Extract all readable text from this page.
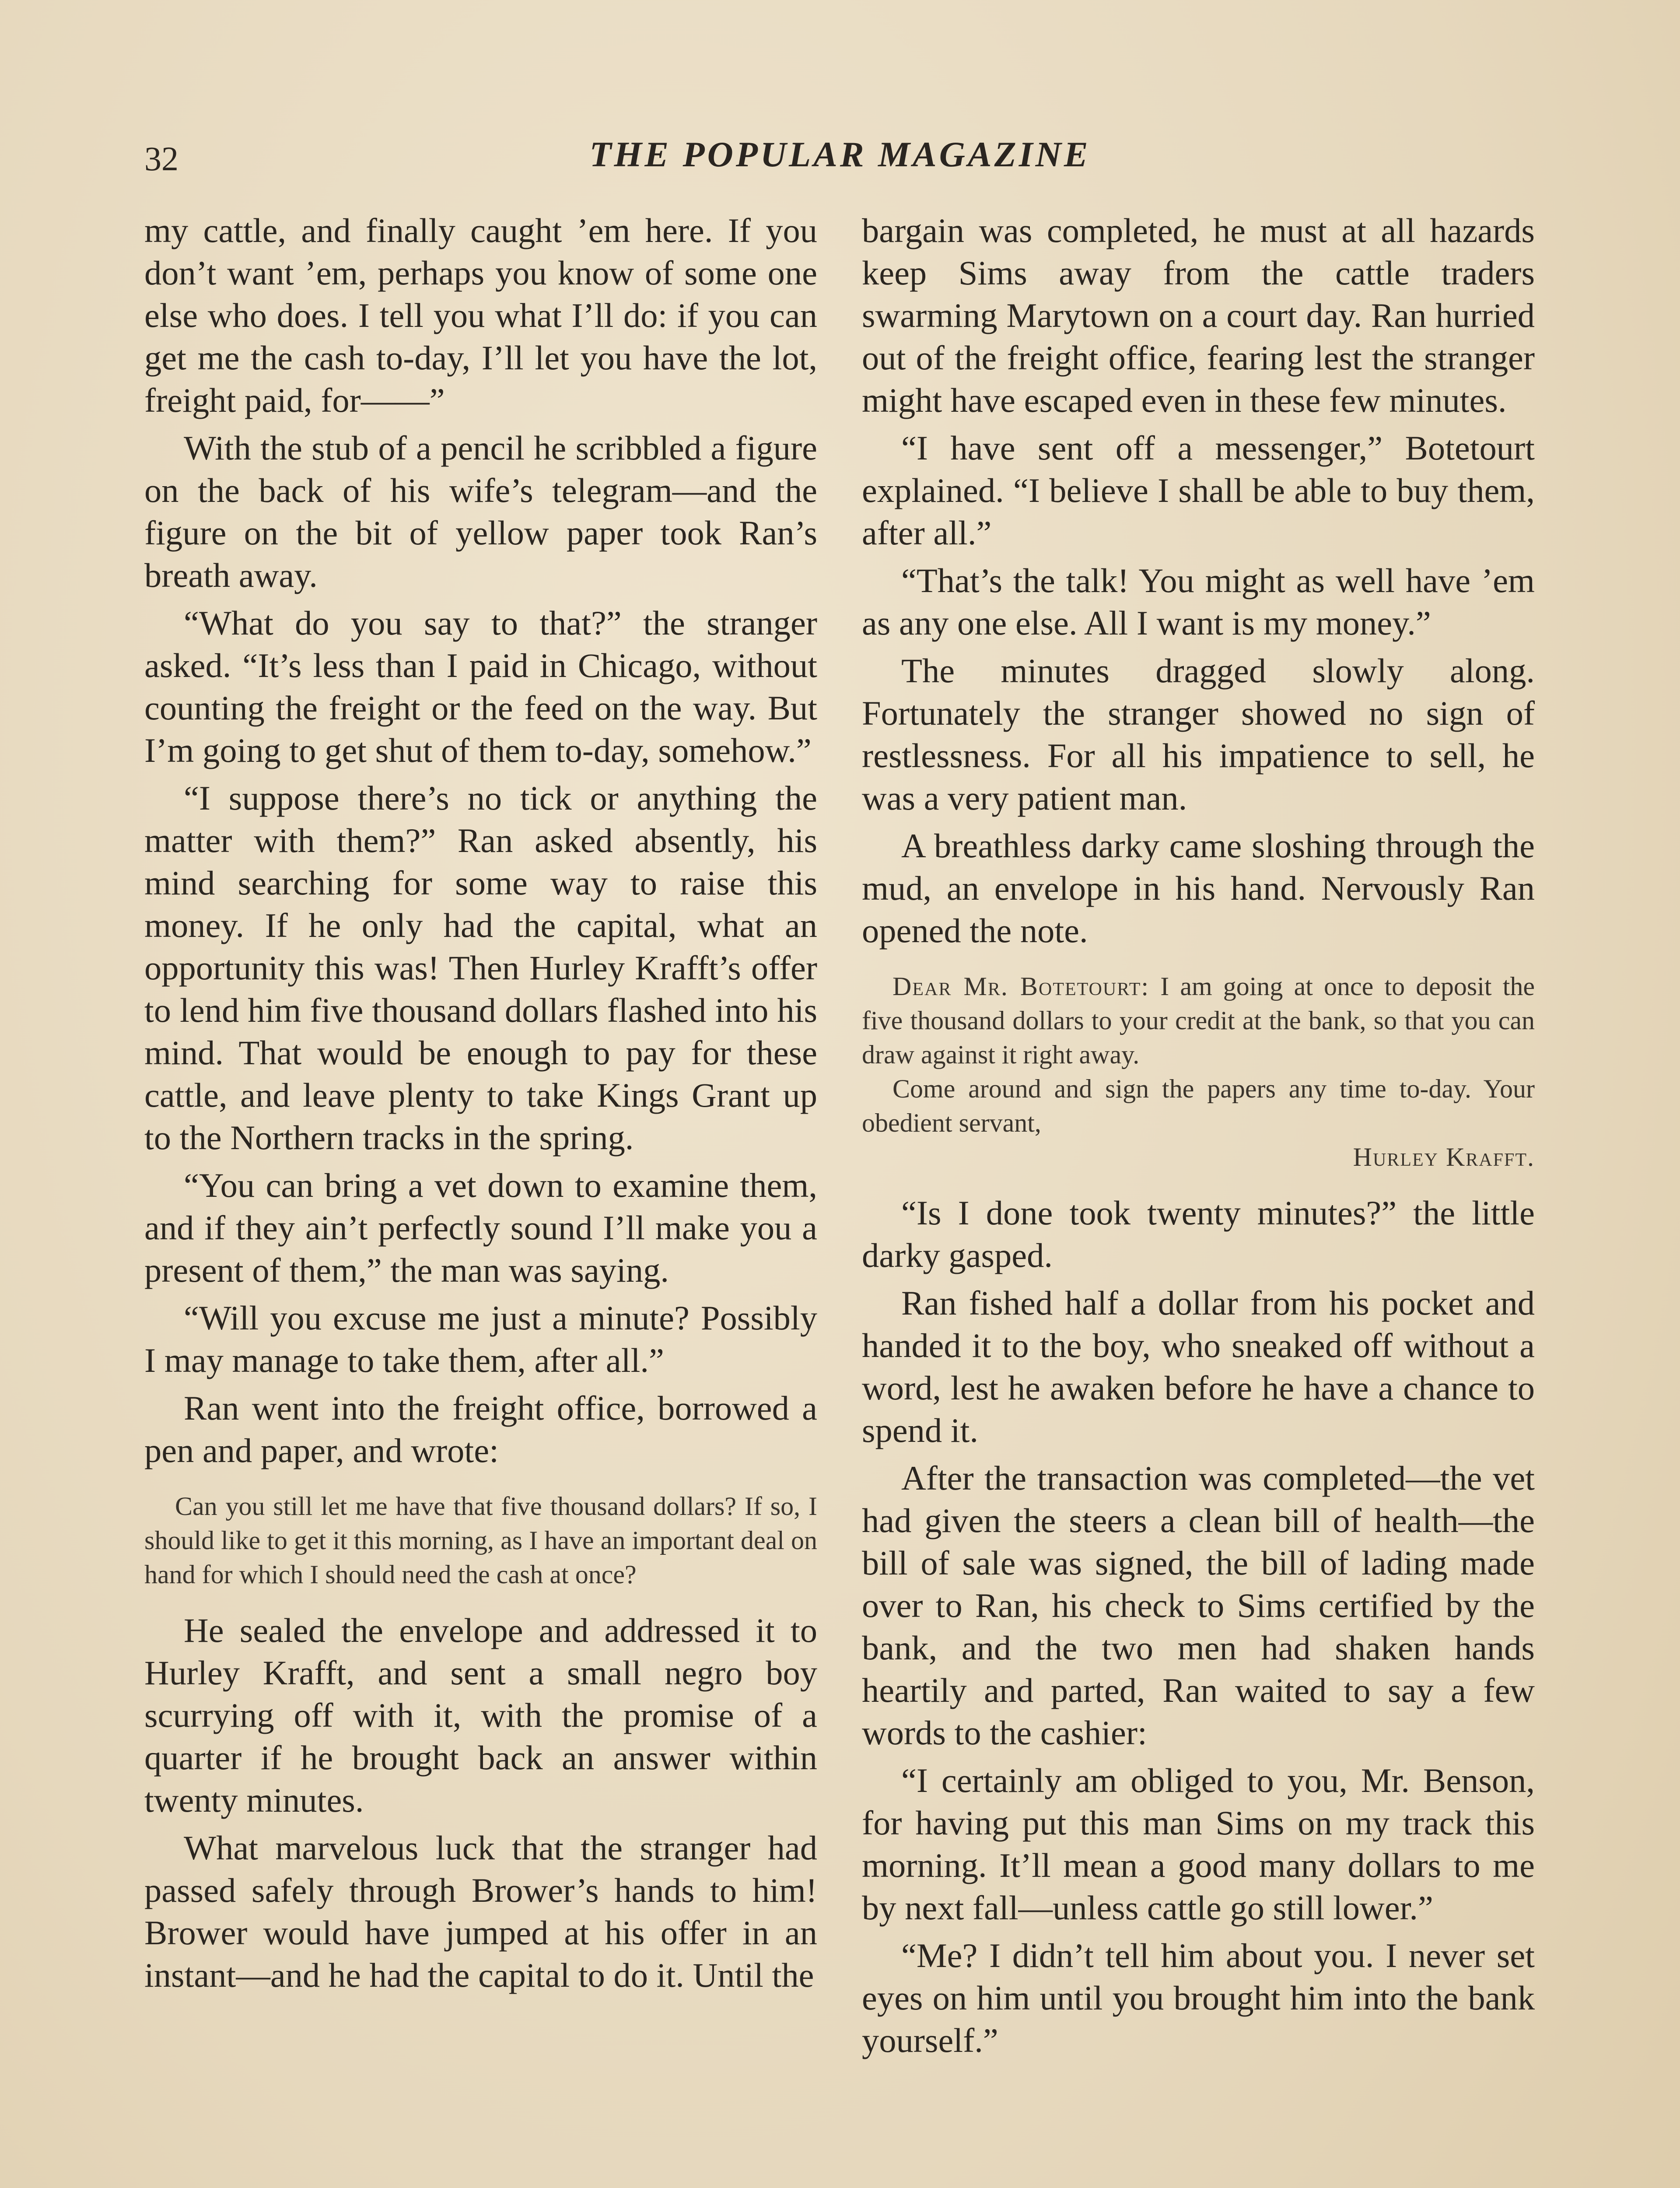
32	THE POPULAR MAGAZINE

my cattle, and finally caught ’em here. If you don’t want ’em, perhaps you know of some one else who does. I tell you what I’ll do: if you can get me the cash to-day, I’ll let you have the lot, freight paid, for——”

With the stub of a pencil he scribbled a figure on the back of his wife’s telegram—and the figure on the bit of yellow paper took Ran’s breath away.

“What do you say to that?” the stranger asked. “It’s less than I paid in Chicago, without counting the freight or the feed on the way. But I’m going to get shut of them to-day, somehow.”

“I suppose there’s no tick or anything the matter with them?” Ran asked absently, his mind searching for some way to raise this money. If he only had the capital, what an opportunity this was! Then Hurley Krafft’s offer to lend him five thousand dollars flashed into his mind. That would be enough to pay for these cattle, and leave plenty to take Kings Grant up to the Northern tracks in the spring.

“You can bring a vet down to examine them, and if they ain’t perfectly sound I’ll make you a present of them,” the man was saying.

“Will you excuse me just a minute? Possibly I may manage to take them, after all.”

Ran went into the freight office, borrowed a pen and paper, and wrote:

Can you still let me have that five thousand dollars? If so, I should like to get it this morning, as I have an important deal on hand for which I should need the cash at once?

He sealed the envelope and addressed it to Hurley Krafft, and sent a small negro boy scurrying off with it, with the promise of a quarter if he brought back an answer within twenty minutes.

What marvelous luck that the stranger had passed safely through Brower’s hands to him! Brower would have jumped at his offer in an instant—and he had the capital to do it. Until the

bargain was completed, he must at all hazards keep Sims away from the cattle traders swarming Marytown on a court day. Ran hurried out of the freight office, fearing lest the stranger might have escaped even in these few minutes.

“I have sent off a messenger,” Botetourt explained. “I believe I shall be able to buy them, after all.”

“That’s the talk! You might as well have ’em as any one else. All I want is my money.”

The minutes dragged slowly along. Fortunately the stranger showed no sign of restlessness. For all his impatience to sell, he was a very patient man.

A breathless darky came sloshing through the mud, an envelope in his hand. Nervously Ran opened the note.

Dear Mr. Botetourt: I am going at once to deposit the five thousand dollars to your credit at the bank, so that you can draw against it right away.

Come around and sign the papers any time to-day. Your obedient servant,

Hurley Krafft.

“Is I done took twenty minutes?” the little darky gasped.

Ran fished half a dollar from his pocket and handed it to the boy, who sneaked off without a word, lest he awaken before he have a chance to spend it.

After the transaction was completed—the vet had given the steers a clean bill of health—the bill of sale was signed, the bill of lading made over to Ran, his check to Sims certified by the bank, and the two men had shaken hands heartily and parted, Ran waited to say a few words to the cashier:

“I certainly am obliged to you, Mr. Benson, for having put this man Sims on my track this morning. It’ll mean a good many dollars to me by next fall—unless cattle go still lower.”

“Me? I didn’t tell him about you. I never set eyes on him until you brought him into the bank yourself.”
